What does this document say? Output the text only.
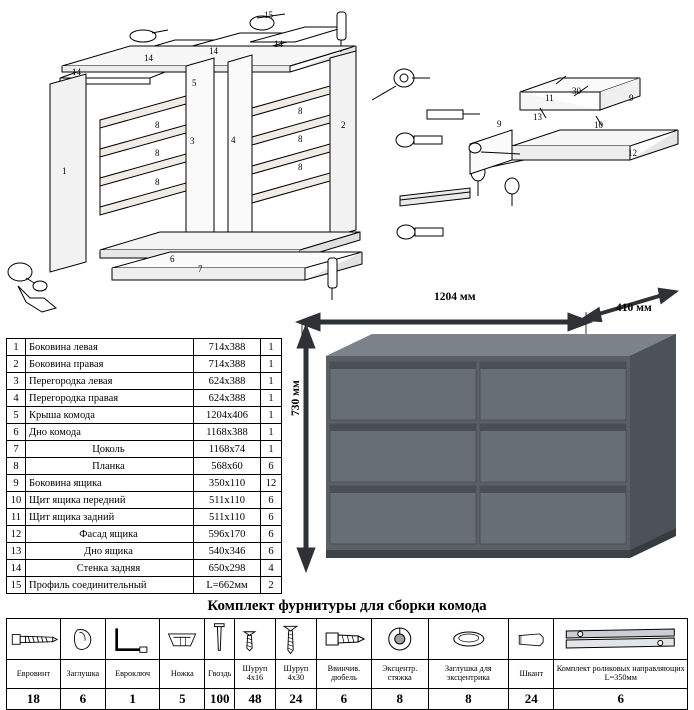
1
2
3	4
5
6
7
8
8
8
8
8
8
9
9
10
11
12
13
14
14
14
14
15
30
1	Боковина левая	714х388	1
2	Боковина правая	714х388	1
3	Перегородка левая	624х388	1
4	Перегородка правая	624х388	1
5	Крыша комода	1204х406	1
6	Дно комода	1168х388	1
7	Цоколь	1168х74	1
8	Планка	568х60	6
9	Боковина ящика	350х110	12
10	Щит ящика передний	511х110	6
11	Щит ящика задний	511х110	6
12	Фасад ящика	596х170	6
13	Дно ящика	540х346	6
14	Стенка задняя	650х298	4
15	Профиль соединительный	L=662мм	2
1204 мм
410 мм
730 мм
Комплект фурнитуры для сборки комода

Евровинт	Заглушка	Евроключ	Ножка	Гвоздь	Шуруп 4х16	Шуруп 4х30	Ввинчив. дюбель	Эксцентр. стяжка	Заглушка для эксцентрика	Шкант	Комплект роликовых направляющих L=350мм
18	6	1	5	100	48	24	6	8	8	24	6
